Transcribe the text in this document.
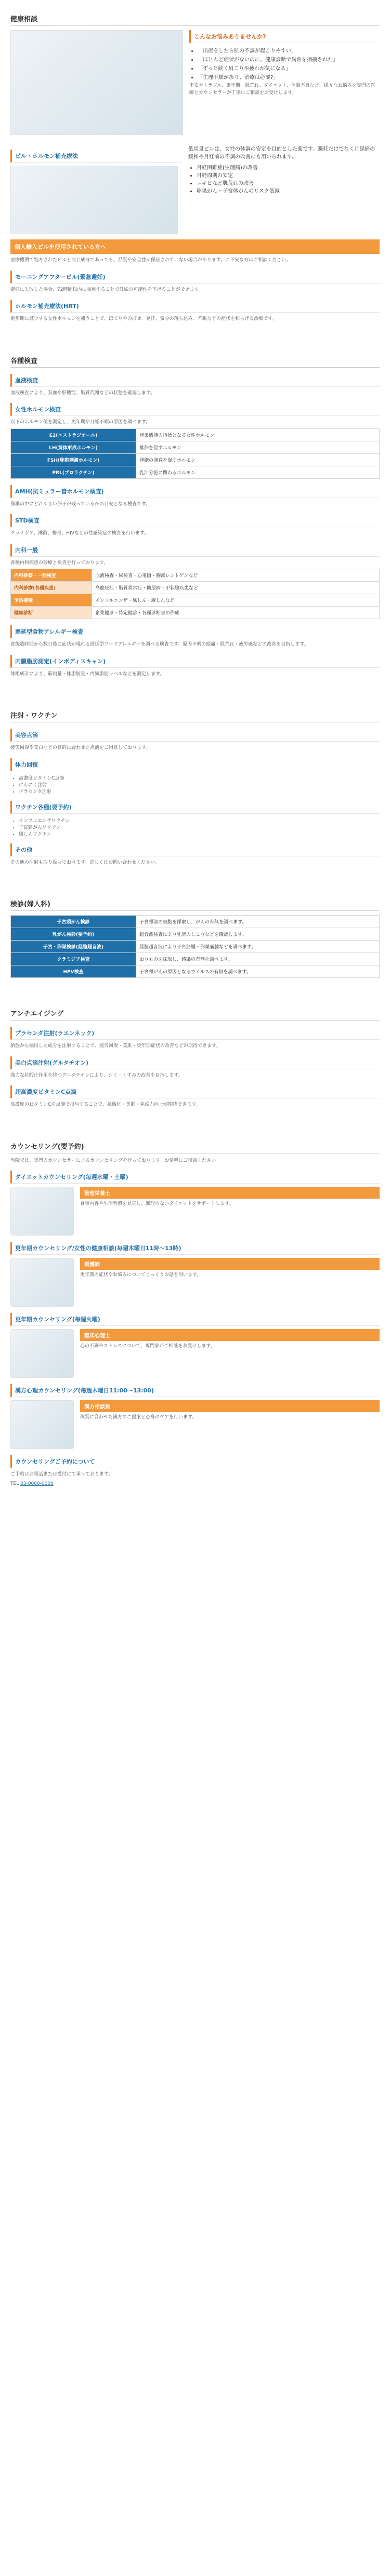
健康相談
こんなお悩みありませんか?
• 「出産をしたら肌の不調が起こりやすい」
• 「ほとんど症状がないのに、健康診断で異常を指摘された」
• 「ずっと続く肩こりや疲れが気になる」
• 「生理不順があり、治療は必要?」

不安やトラブル、更年期、肌荒れ、ダイエット、体調不良など、様々なお悩みを専門の医師とカウンセラーが丁寧にご相談をお受けします。

ピル・ホルモン補充療法

低用量ピルは、女性の体調の安定を目的とした薬です。避妊だけでなく月経痛の緩和や月経前の不調の改善にも用いられます。

• 月経困難症(生理痛)の改善
• 月経周期の安定
• ニキビなど肌荒れの改善
• 卵巣がん・子宮体がんのリスク低減
個人輸入ピルを使用されている方へ

医療機関で処方されたピルと同じ成分であっても、品質や安全性が保証されていない場合があります。ご不安な方はご相談ください。

モーニングアフターピル(緊急避妊)

避妊に失敗した場合、72時間以内に服用することで妊娠の可能性を下げることができます。

ホルモン補充療法(HRT)

更年期に減少する女性ホルモンを補うことで、ほてりやのぼせ、発汗、気分の落ち込み、不眠などの症状を和らげる治療です。

各種検査
血液検査

血液検査により、貧血や肝機能、脂質代謝などの状態を確認します。

女性ホルモン検査

以下のホルモン値を測定し、更年期や月経不順の原因を調べます。

E2(エストラジオール)	卵巣機能の指標となる女性ホルモン
LH(黄体形成ホルモン)	排卵を促すホルモン
FSH(卵胞刺激ホルモン)	卵胞の発育を促すホルモン
PRL(プロラクチン)	乳汁分泌に関わるホルモン
AMH(抗ミュラー管ホルモン検査)

卵巣の中にどれくらい卵子が残っているかの目安となる検査です。

STD検査

クラミジア、淋菌、梅毒、HIVなどの性感染症の検査を行います。

内科一般

各種内科疾患の診療と検査を行っております。

内科診察・一般検査	血液検査・尿検査・心電図・胸部レントゲンなど
内科診療(各種疾患)	高血圧症・脂質異常症・糖尿病・甲状腺疾患など
予防接種	インフルエンザ・風しん・麻しんなど
健康診断	企業健診・特定健診・各種診断書の作成
遅延型食物アレルギー検査

食後数時間から数日後に症状が現れる遅延型フードアレルギーを調べる検査です。原因不明の頭痛・肌荒れ・疲労感などの改善を目指します。

内臓脂肪測定(インボディスキャン)

体組成計により、筋肉量・体脂肪量・内臓脂肪レベルなどを測定します。

注射・ワクチン
美容点滴

疲労回復や美白などの目的に合わせた点滴をご用意しております。

体力回復
• 高濃度ビタミンC点滴
• にんにく注射
• プラセンタ注射
ワクチン各種(要予約)
• インフルエンザワクチン
• 子宮頸がんワクチン
• 風しんワクチン
その他

その他の注射も取り扱っております。詳しくはお問い合わせください。

検診(婦人科)
子宮頸がん検診	子宮頸部の細胞を採取し、がんの有無を調べます。
乳がん検診(要予約)	超音波検査により乳房のしこりなどを確認します。
子宮・卵巣検診(経腟超音波)	経腟超音波により子宮筋腫・卵巣嚢腫などを調べます。
クラミジア検査	おりものを採取し、感染の有無を調べます。
HPV検査	子宮頸がんの原因となるウイルスの有無を調べます。
アンチエイジング
プラセンタ注射(ラエンネック)

胎盤から抽出した成分を注射することで、疲労回復・美肌・更年期症状の改善などが期待できます。

美白点滴注射(グルタチオン)

強力な抗酸化作用を持つグルタチオンにより、シミ・くすみの改善を目指します。

超高濃度ビタミンC点滴

高濃度のビタミンCを点滴で投与することで、抗酸化・美肌・免疫力向上が期待できます。

カウンセリング(要予約)

当院では、専門のカウンセラーによるカウンセリングを行っております。お気軽にご相談ください。

ダイエットカウンセリング(毎週水曜・土曜)
管理栄養士

食事内容や生活習慣を見直し、無理のないダイエットをサポートします。

更年期カウンセリング/女性の健康相談(毎週木曜日11時〜13時)
看護師

更年期の症状やお悩みについてじっくりお話を伺います。

更年期カウンセリング(毎週火曜)
臨床心理士

心の不調やストレスについて、専門家がご相談をお受けします。

漢方心理カウンセリング(毎週木曜日11:00〜13:00)
漢方相談員

体質に合わせた漢方のご提案と心身のケアを行います。

カウンセリングご予約について

ご予約はお電話または受付にて承っております。

TEL 03-0000-0000
